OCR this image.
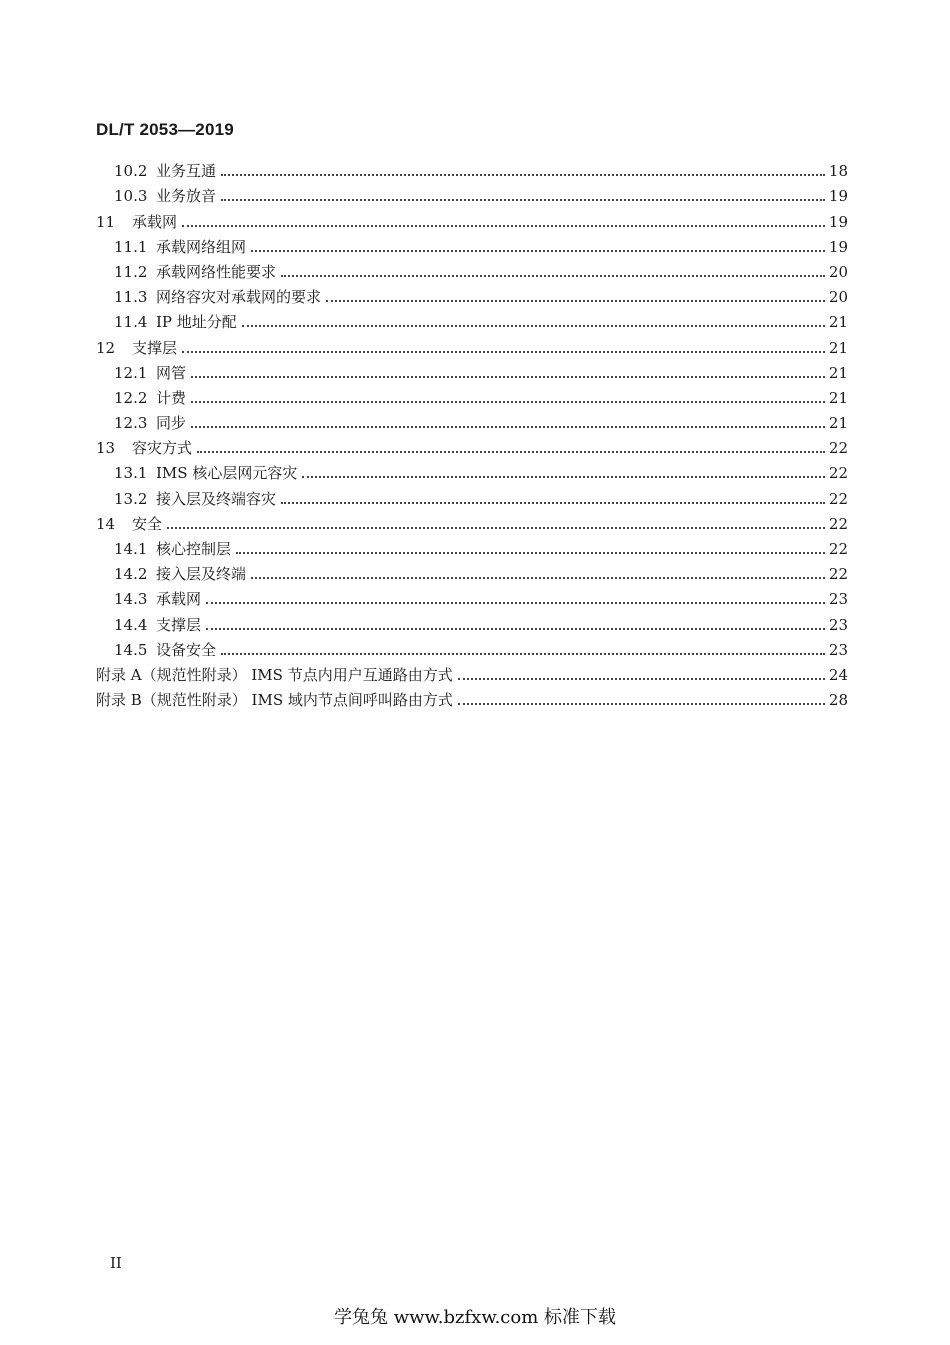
DL/T 2053—2019
10.2 业务互通	18
10.3 业务放音	19
11	承载网	19
11.1 承载网络组网	19
11.2 承载网络性能要求	20
11.3 网络容灾对承载网的要求	20
11.4 IP 地址分配	21
12	支撑层	21
12.1 网管	21
12.2 计费	21
12.3 同步	21
13	容灾方式	22
13.1 IMS 核心层网元容灾	22
13.2 接入层及终端容灾	22
14	安全	22
14.1 核心控制层	22
14.2 接入层及终端	22
14.3 承载网	23
14.4 支撑层	23
14.5 设备安全	23
附录 A（规范性附录） IMS 节点内用户互通路由方式	24
附录 B（规范性附录） IMS 域内节点间呼叫路由方式	28
II
学兔兔 www.bzfxw.com 标准下载
